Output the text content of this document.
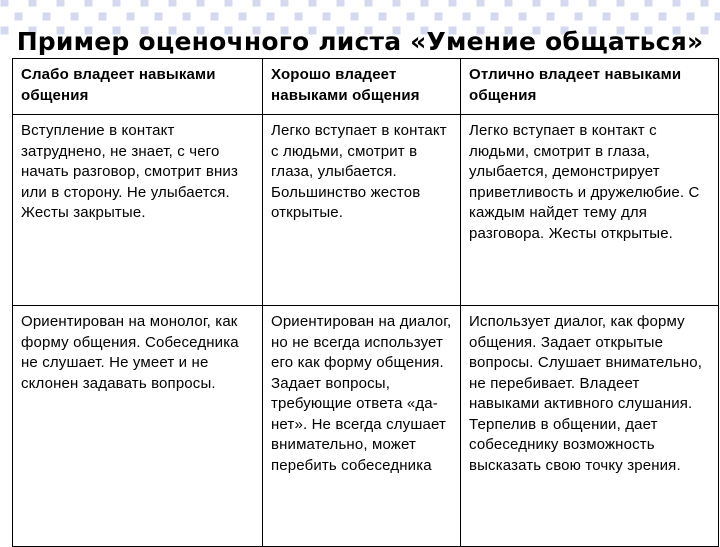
Пример оценочного листа «Умение общаться»
Слабо владеет навыками общения	Хорошо владеет навыками общения	Отлично владеет навыками общения
Вступление в контакт затруднено, не знает, с чего начать разговор, смотрит вниз или в сторону. Не улыбается. Жесты закрытые.	Легко вступает в контакт с людьми, смотрит в глаза, улыбается. Большинство жестов открытые.	Легко вступает в контакт с людьми, смотрит в глаза, улыбается, демонстрирует приветливость и дружелюбие. С каждым найдет тему для разговора. Жесты открытые.
Ориентирован на монолог, как форму общения. Собеседника не слушает. Не умеет и не склонен задавать вопросы.	Ориентирован на диалог, но не всегда использует его как форму общения. Задает вопросы, требующие ответа «да-нет». Не всегда слушает внимательно, может перебить собеседника	Использует диалог, как форму общения. Задает открытые вопросы. Слушает внимательно, не перебивает. Владеет навыками активного слушания. Терпелив в общении, дает собеседнику возможность высказать свою точку зрения.
